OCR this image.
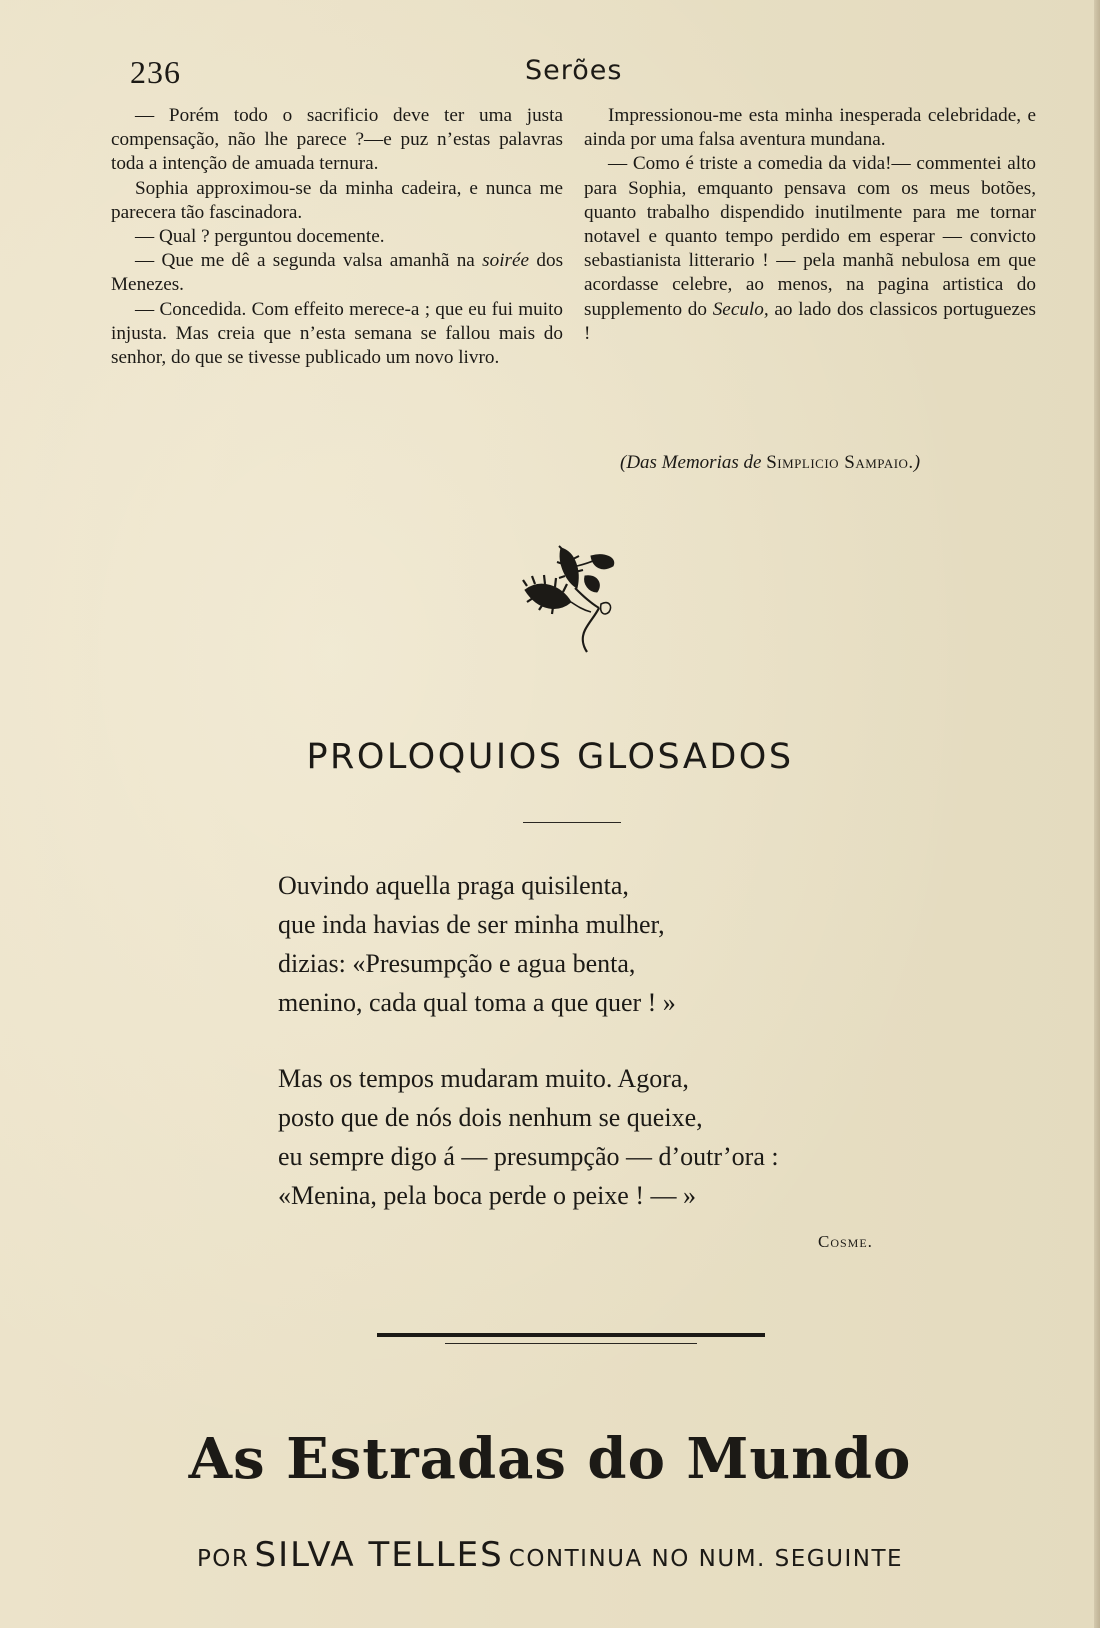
236	Serões

— Porém todo o sacrificio deve ter uma justa compensação, não lhe parece ?—e puz n’estas palavras toda a intenção de amuada ternura.

Sophia approximou-se da minha cadeira, e nunca me parecera tão fascinadora.

— Qual ? perguntou docemente.

— Que me dê a segunda valsa amanhã na soirée dos Menezes.

— Concedida. Com effeito merece-a ; que eu fui muito injusta. Mas creia que n’esta semana se fallou mais do senhor, do que se tivesse publicado um novo livro.

Impressionou-me esta minha inesperada celebridade, e ainda por uma falsa aventura mundana.

— Como é triste a comedia da vida!— commentei alto para Sophia, emquanto pensava com os meus botões, quanto trabalho dispendido inutilmente para me tornar notavel e quanto tempo perdido em esperar — convicto sebastianista litterario ! — pela manhã nebulosa em que acordasse celebre, ao menos, na pagina artistica do supplemento do Seculo, ao lado dos classicos portuguezes !

(Das Memorias de Simplicio Sampaio.)
PROLOQUIOS GLOSADOS
Ouvindo aquella praga quisilenta,
que inda havias de ser minha mulher,
dizias: «Presumpção e agua benta,
menino, cada qual toma a que quer ! »
Mas os tempos mudaram muito. Agora,
posto que de nós dois nenhum se queixe,
eu sempre digo á — presumpção — d’outr’ora :
«Menina, pela boca perde o peixe ! — »
Cosme.
As Estradas do Mundo
POR SILVA TELLES CONTINUA NO NUM. SEGUINTE
